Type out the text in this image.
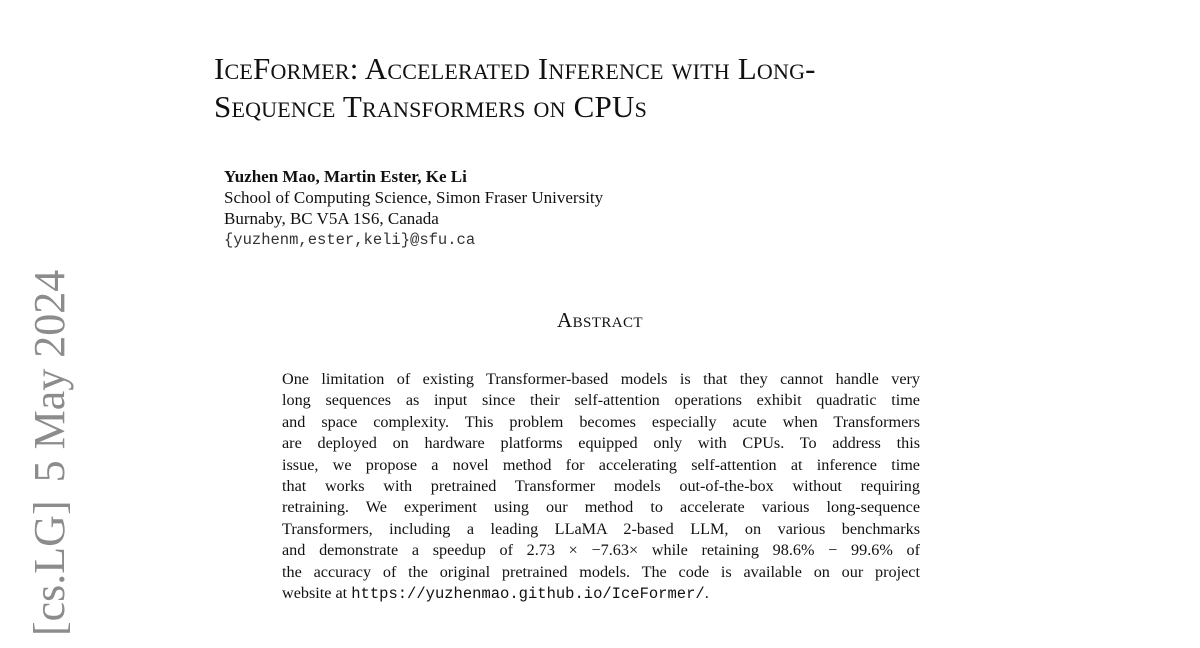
[cs.LG]5 May 2024
IceFormer: Accelerated Inference with Long-
Sequence Transformers on CPUs
Yuzhen Mao, Martin Ester, Ke Li
School of Computing Science, Simon Fraser University
Burnaby, BC V5A 1S6, Canada
{yuzhenm,ester,keli}@sfu.ca
Abstract
One limitation of existing Transformer-based models is that they cannot handle very
long sequences as input since their self-attention operations exhibit quadratic time
and space complexity. This problem becomes especially acute when Transformers
are deployed on hardware platforms equipped only with CPUs. To address this
issue, we propose a novel method for accelerating self-attention at inference time
that works with pretrained Transformer models out-of-the-box without requiring
retraining. We experiment using our method to accelerate various long-sequence
Transformers, including a leading LLaMA 2-based LLM, on various benchmarks
and demonstrate a speedup of 2.73 × −7.63× while retaining 98.6% − 99.6% of
the accuracy of the original pretrained models. The code is available on our project
website at https://yuzhenmao.github.io/IceFormer/.
